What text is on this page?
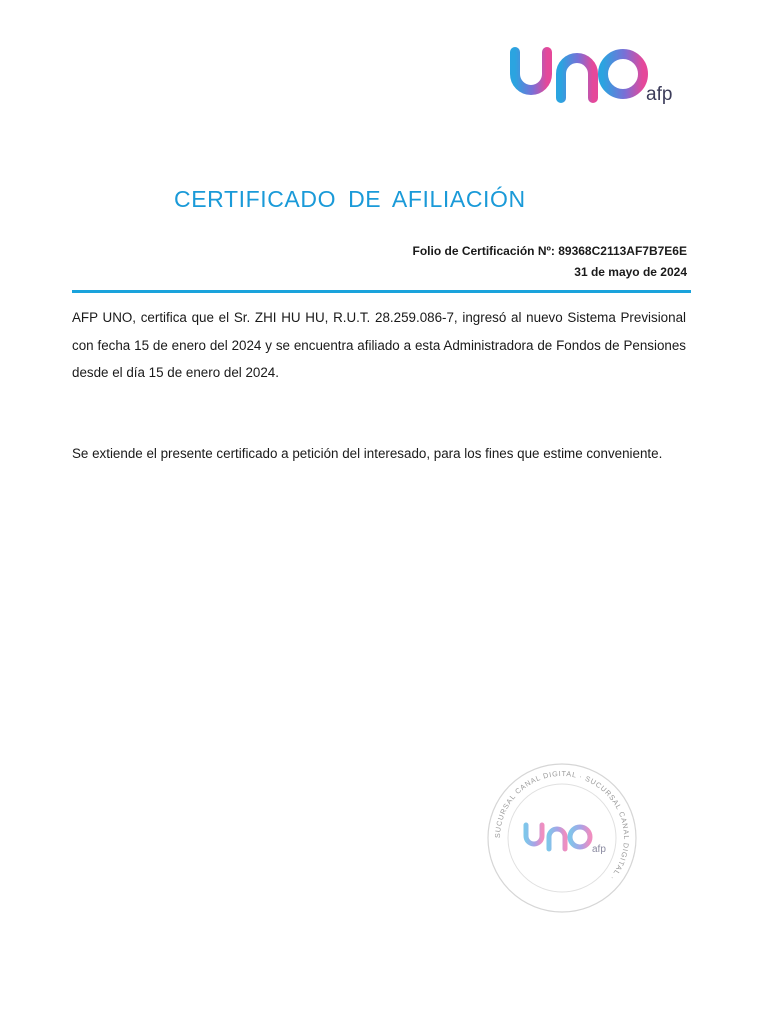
afp
CERTIFICADO DE AFILIACIÓN
Folio de Certificación Nº: 89368C2113AF7B7E6E
31 de mayo de 2024

AFP UNO, certifica que el Sr. ZHI HU HU, R.U.T. 28.259.086-7, ingresó al nuevo Sistema Previsional con fecha 15 de enero del 2024 y se encuentra afiliado a esta Administradora de Fondos de Pensiones desde el día 15 de enero del 2024.

Se extiende el presente certificado a petición del interesado, para los fines que estime conveniente.

SUCURSAL CANAL DIGITAL · SUCURSAL CANAL DIGITAL ·
afp
